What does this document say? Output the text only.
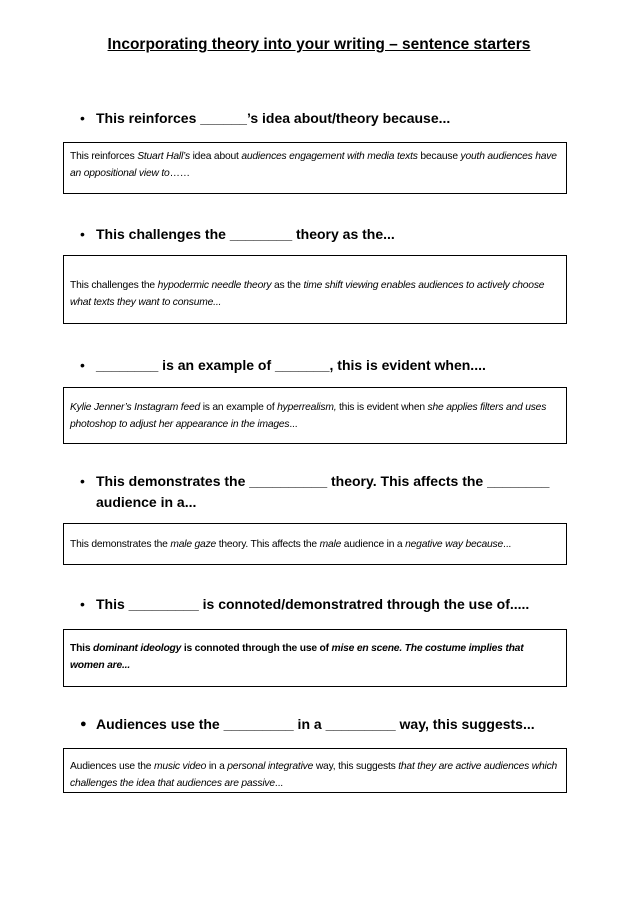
Incorporating theory into your writing – sentence starters
• This reinforces ______’s idea about/theory because...
This reinforces Stuart Hall’s idea about audiences engagement with media texts because youth audiences have an oppositional view to……
• This challenges the ________ theory as the...
This challenges the hypodermic needle theory as the time shift viewing enables audiences to actively choose what texts they want to consume...
• ________ is an example of _______, this is evident when....
Kylie Jenner’s Instagram feed is an example of hyperrealism, this is evident when she applies filters and uses photoshop to adjust her appearance in the images...
• This demonstrates the __________ theory. This affects the ________ audience in a...
This demonstrates the male gaze theory. This affects the male audience in a negative way because...
• This _________ is connoted/demonstratred through the use of.....
This dominant ideology is connoted through the use of mise en scene. The costume implies that women are...
● Audiences use the _________ in a _________ way, this suggests...
Audiences use the music video in a personal integrative way, this suggests that they are active audiences which challenges the idea that audiences are passive...
